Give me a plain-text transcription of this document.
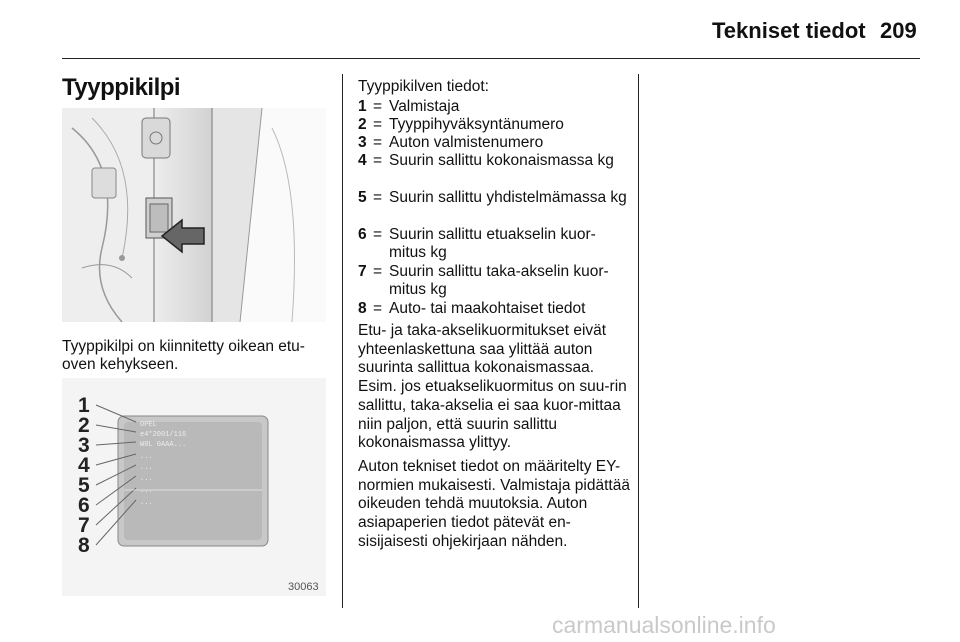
Tekniset tiedot 209
Tyyppikilpi

Tyyppikilpi on kiinnitetty oikean etu-oven kehykseen.

1
2
3
4
5
6
7
8
OPEL
e4*2001/116
W0L 0AAA...
...
...
...
...
...
30063
Tyyppikilven tiedot:
1 = Valmistaja
2 = Tyyppihyväksyntänumero
3 = Auton valmistenumero
4 = Suurin sallittu kokonaismassa kg
5 = Suurin sallittu yhdistelmämassa kg
6 = Suurin sallittu etuakselin kuor-mitus kg
7 = Suurin sallittu taka-akselin kuor-mitus kg
8 = Auto- tai maakohtaiset tiedot

Etu- ja taka-akselikuormitukset eivät yhteenlaskettuna saa ylittää auton suurinta sallittua kokonaismassaa. Esim. jos etuakselikuormitus on suu-rin sallittu, taka-akselia ei saa kuor-mittaa niin paljon, että suurin sallittu kokonaismassa ylittyy.

Auton tekniset tiedot on määritelty EY-normien mukaisesti. Valmistaja pidättää oikeuden tehdä muutoksia. Auton asiapaperien tiedot pätevät en-sisijaisesti ohjekirjaan nähden.

carmanualsonline.info
